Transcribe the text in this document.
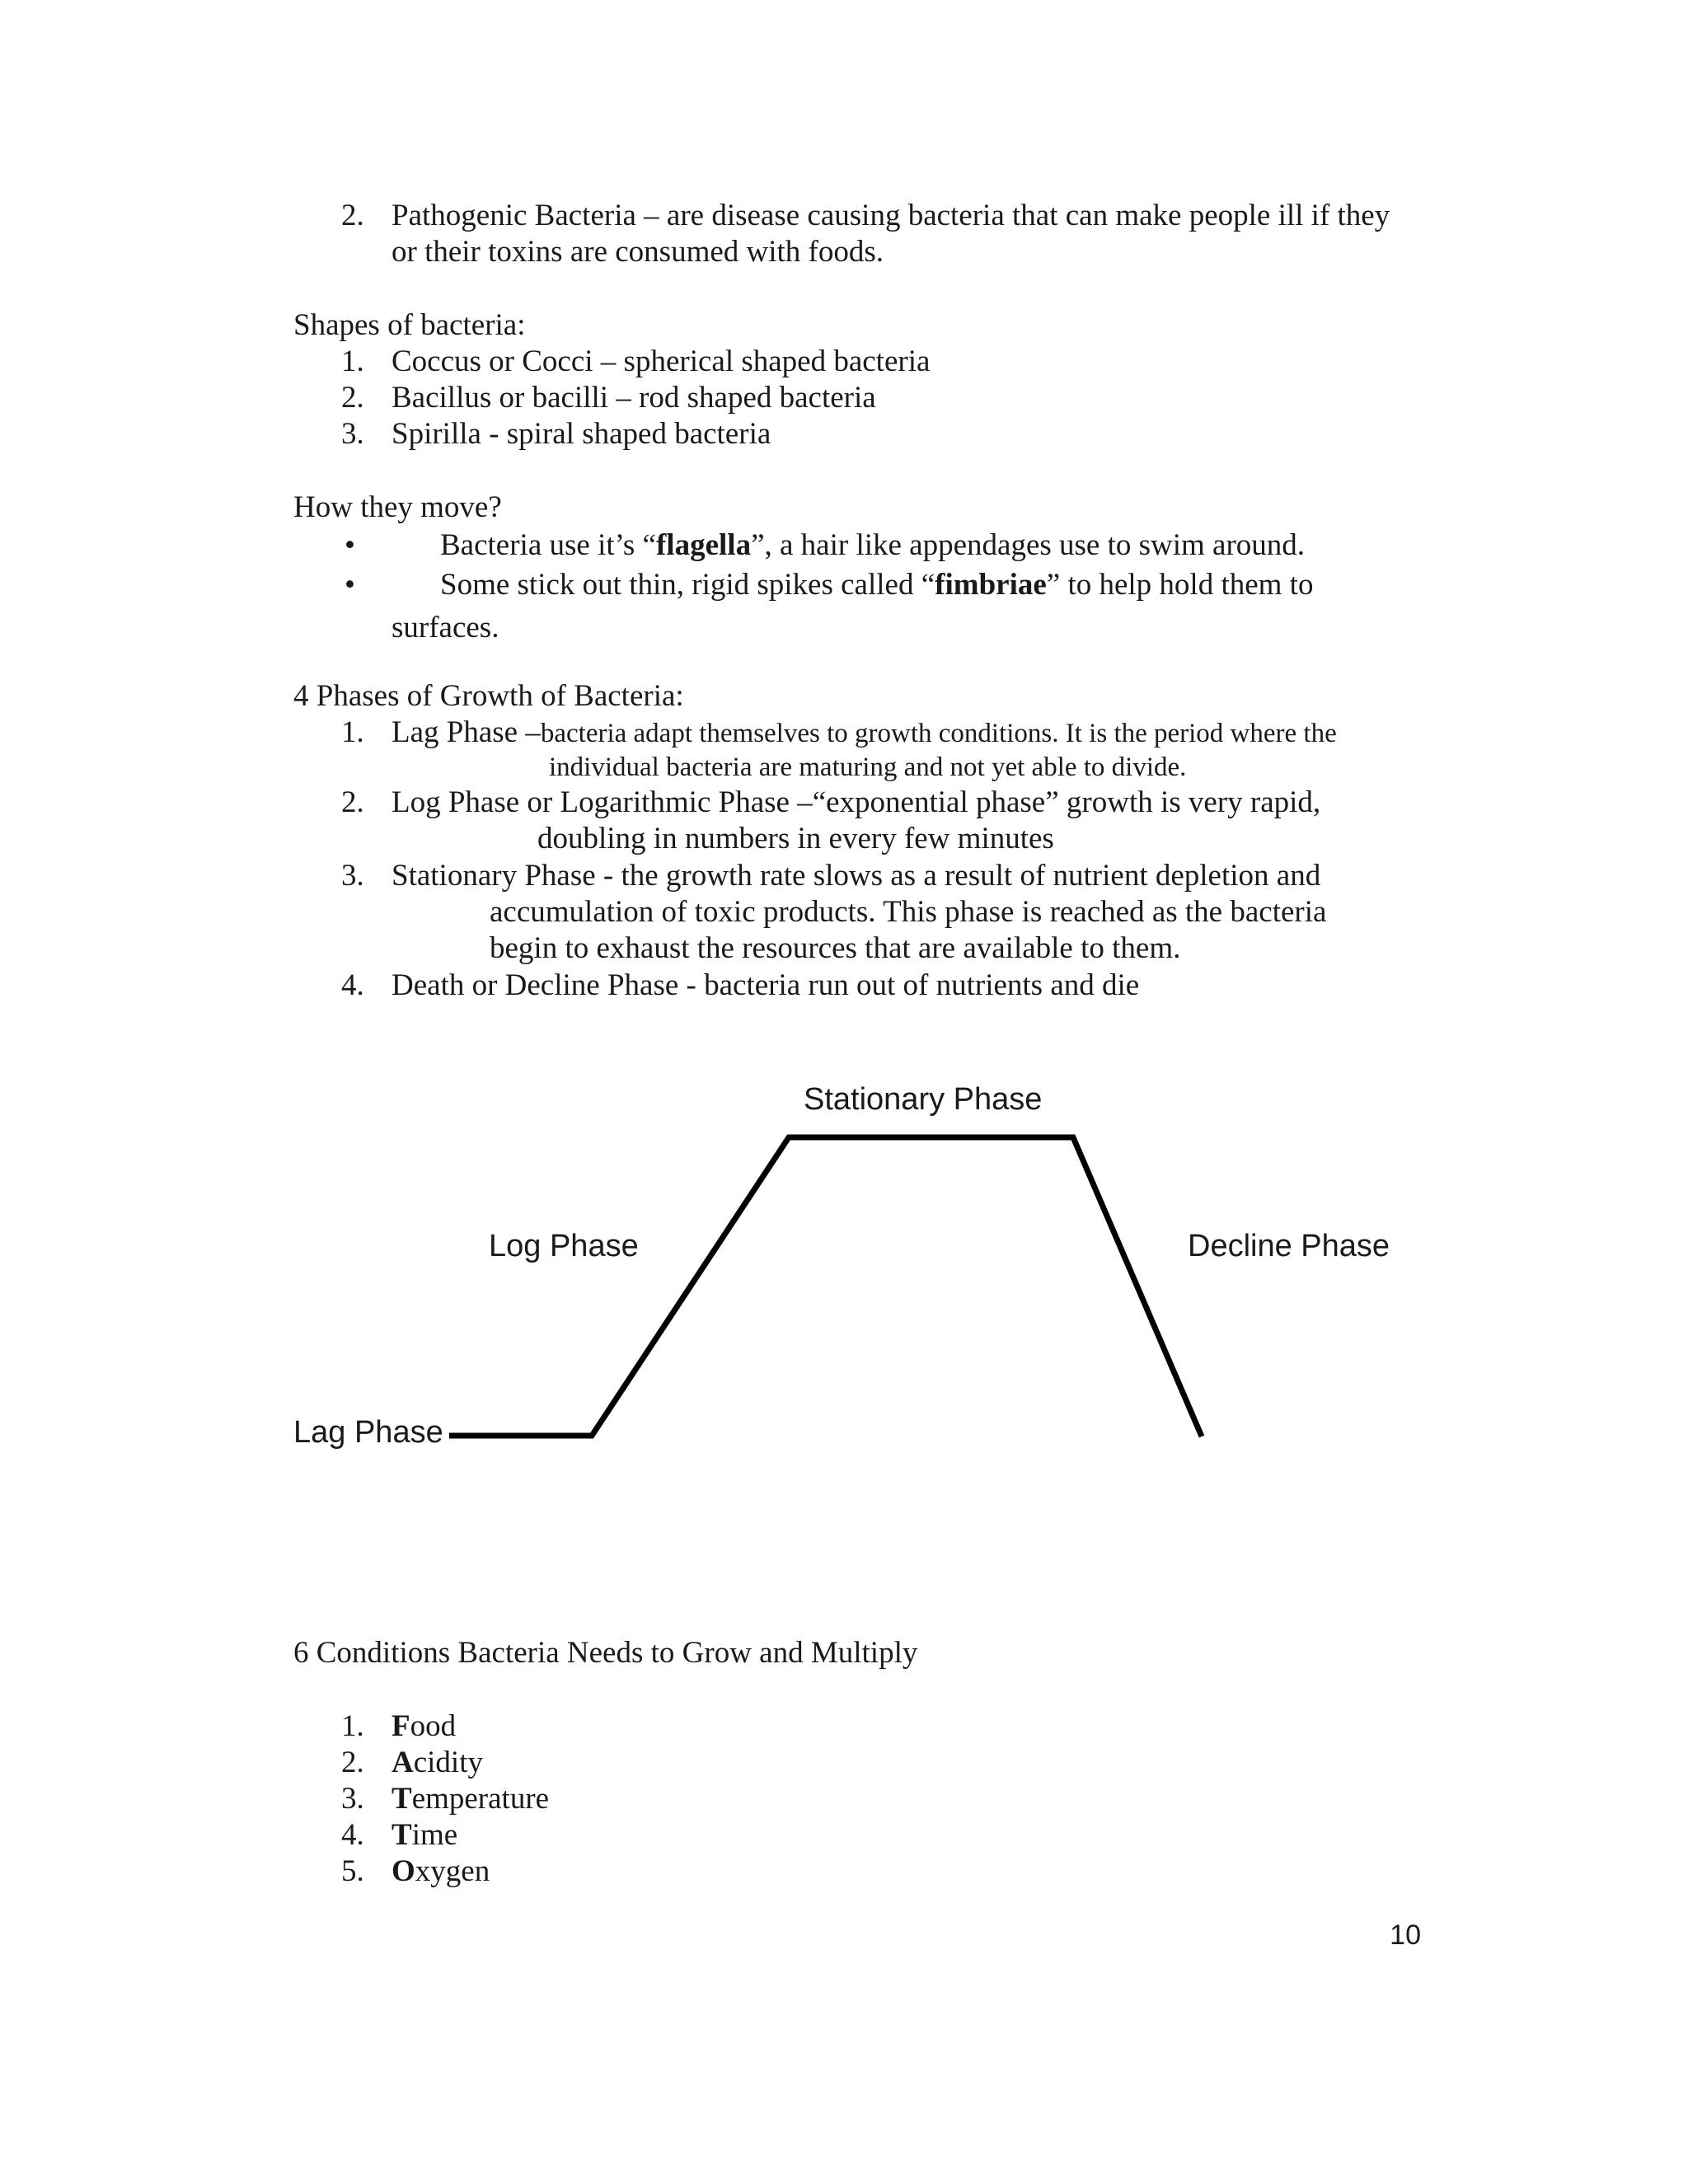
2. Pathogenic Bacteria – are disease causing bacteria that can make people ill if they
or their toxins are consumed with foods.
Shapes of bacteria:
1. Coccus or Cocci – spherical shaped bacteria
2. Bacillus or bacilli – rod shaped bacteria
3. Spirilla - spiral shaped bacteria
How they move?
•	Bacteria use it’s “flagella”, a hair like appendages use to swim around.
•	Some stick out thin, rigid spikes called “fimbriae” to help hold them to
surfaces.
4 Phases of Growth of Bacteria:
1. Lag Phase –bacteria adapt themselves to growth conditions. It is the period where the
individual bacteria are maturing and not yet able to divide.
2. Log Phase or Logarithmic Phase –“exponential phase” growth is very rapid,
doubling in numbers in every few minutes
3. Stationary Phase - the growth rate slows as a result of nutrient depletion and
accumulation of toxic products. This phase is reached as the bacteria
begin to exhaust the resources that are available to them.
4. Death or Decline Phase - bacteria run out of nutrients and die
Stationary Phase
Log Phase	Decline Phase
Lag Phase
6 Conditions Bacteria Needs to Grow and Multiply
1. Food
2. Acidity
3. Temperature
4. Time
5. Oxygen
10
